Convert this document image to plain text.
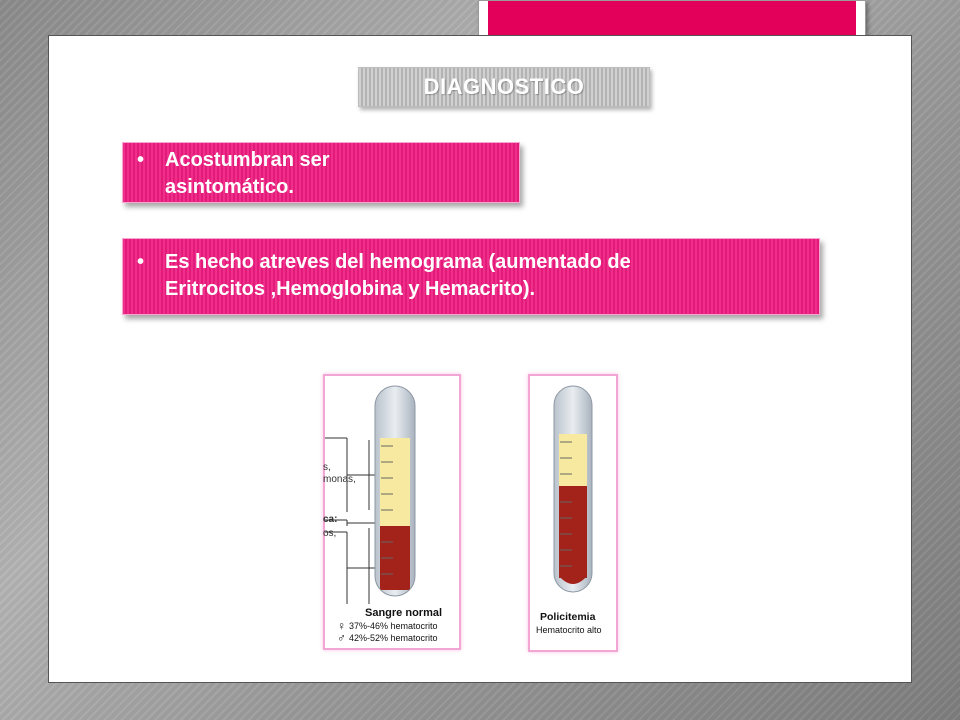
DIAGNOSTICO
•	Acostumbran ser
asintomático.
•	Es hecho atreves del hemograma (aumentado de
Eritrocitos ,Hemoglobina y Hemacrito).
s,
monas,
ca:
os,
Sangre normal
♀ 37%-46% hematocrito
♂ 42%-52% hematocrito
Policitemia
Hematocrito alto
